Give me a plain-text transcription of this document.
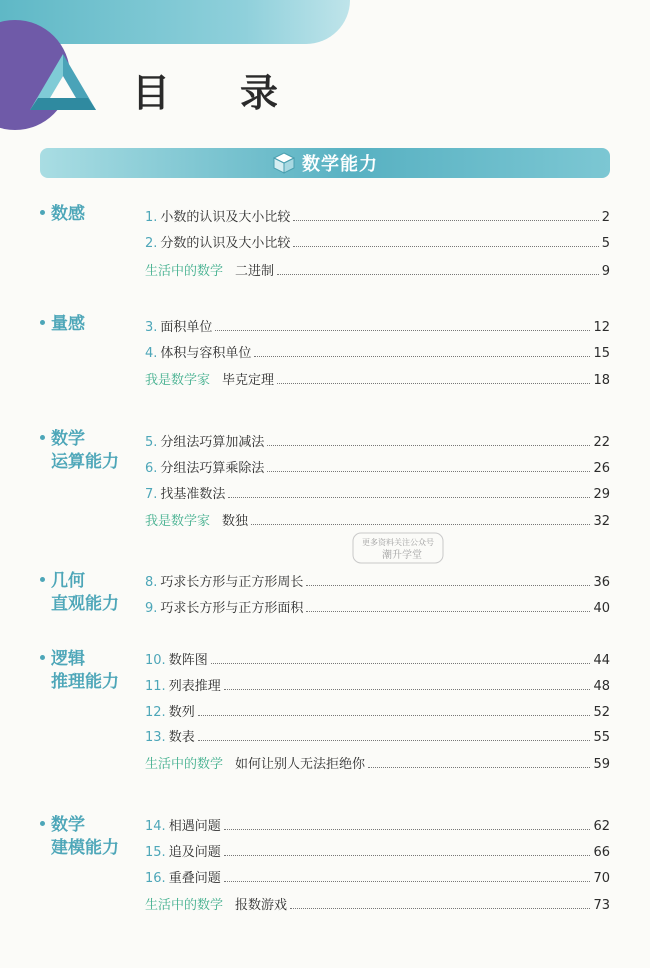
目 录
数学能力
数感	1. 小数的认识及大小比较	2
2. 分数的认识及大小比较	5
生活中的数学 二进制	9
量感	3. 面积单位	12
4. 体积与容积单位	15
我是数学家 毕克定理	18
数学
运算能力
5. 分组法巧算加减法	22
6. 分组法巧算乘除法	26
7. 找基准数法	29
我是数学家 数独	32
更多资料关注公众号
潮升学堂
几何
直观能力
8. 巧求长方形与正方形周长	36
9. 巧求长方形与正方形面积	40
逻辑
推理能力
10. 数阵图	44
11. 列表推理	48
12. 数列	52
13. 数表	55
生活中的数学 如何让别人无法拒绝你	59
数学
建模能力
14. 相遇问题	62
15. 追及问题	66
16. 重叠问题	70
生活中的数学 报数游戏	73
